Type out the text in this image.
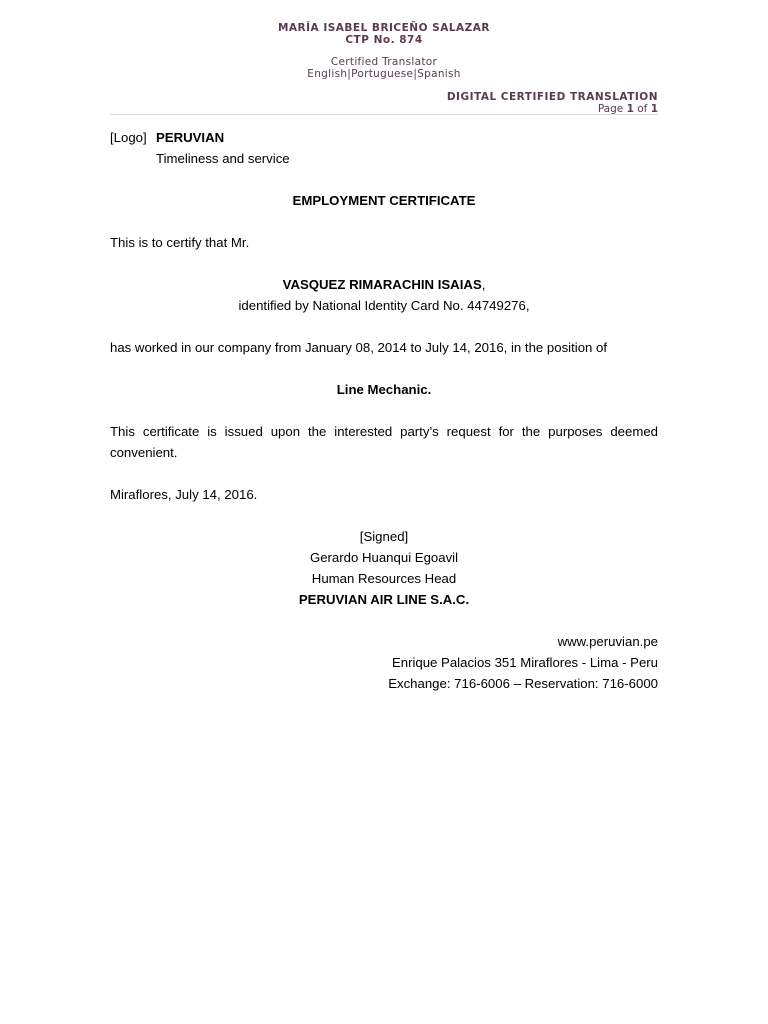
MARÍA ISABEL BRICEÑO SALAZAR
CTP No. 874
Certified Translator
English|Portuguese|Spanish
DIGITAL CERTIFIED TRANSLATION
Page 1 of 1
[Logo] PERUVIAN
Timeliness and service
EMPLOYMENT CERTIFICATE
This is to certify that Mr.
VASQUEZ RIMARACHIN ISAIAS,
identified by National Identity Card No. 44749276,
has worked in our company from January 08, 2014 to July 14, 2016, in the position of
Line Mechanic.
This certificate is issued upon the interested party’s request for the purposes deemed
convenient.
Miraflores, July 14, 2016.
[Signed]
Gerardo Huanqui Egoavil
Human Resources Head
PERUVIAN AIR LINE S.A.C.
www.peruvian.pe
Enrique Palacios 351 Miraflores - Lima - Peru
Exchange: 716-6006 – Reservation: 716-6000
